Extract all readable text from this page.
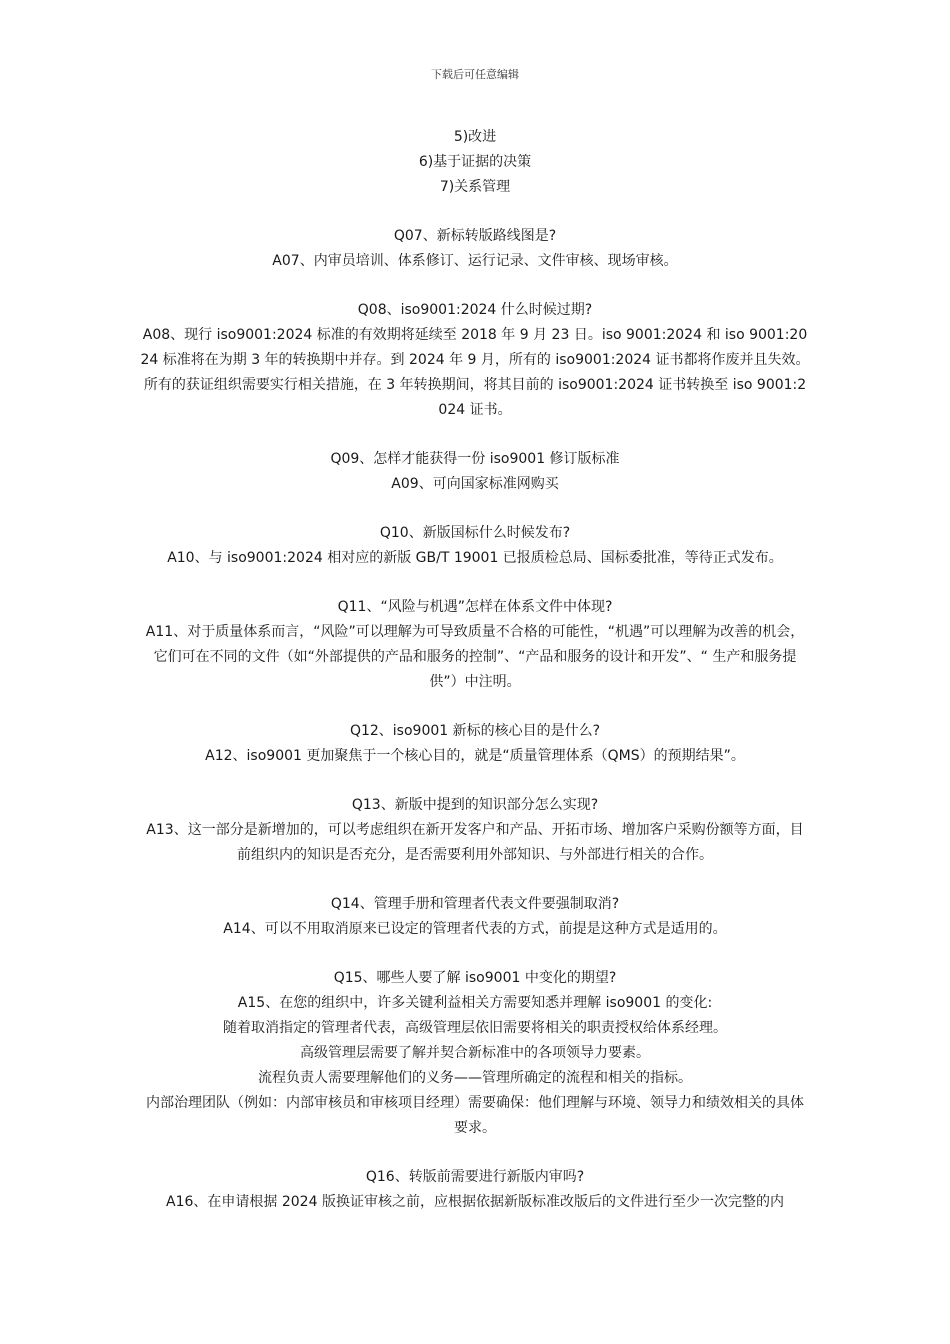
下载后可任意编辑

5)改进

6)基于证据的决策

7)关系管理

Q07、新标转版路线图是?

A07、内审员培训、体系修订、运行记录、文件审核、现场审核。

Q08、iso9001:2024 什么时候过期?

A08、现行 iso9001:2024 标准的有效期将延续至 2018 年 9 月 23 日。iso 9001:2024 和 iso 9001:2024 标准将在为期 3 年的转换期中并存。到 2024 年 9 月，所有的 iso9001:2024 证书都将作废并且失效。所有的获证组织需要实行相关措施，在 3 年转换期间，将其目前的 iso9001:2024 证书转换至 iso 9001:2024 证书。

Q09、怎样才能获得一份 iso9001 修订版标准

A09、可向国家标准网购买

Q10、新版国标什么时候发布?

A10、与 iso9001:2024 相对应的新版 GB/T 19001 已报质检总局、国标委批准，等待正式发布。

Q11、“风险与机遇”怎样在体系文件中体现?

A11、对于质量体系而言，“风险”可以理解为可导致质量不合格的可能性，“机遇”可以理解为改善的机会，它们可在不同的文件（如“外部提供的产品和服务的控制”、“产品和服务的设计和开发”、“ 生产和服务提供”）中注明。

Q12、iso9001 新标的核心目的是什么?

A12、iso9001 更加聚焦于一个核心目的，就是“质量管理体系（QMS）的预期结果”。

Q13、新版中提到的知识部分怎么实现?

A13、这一部分是新增加的，可以考虑组织在新开发客户和产品、开拓市场、增加客户采购份额等方面，目前组织内的知识是否充分，是否需要利用外部知识、与外部进行相关的合作。

Q14、管理手册和管理者代表文件要强制取消?

A14、可以不用取消原来已设定的管理者代表的方式，前提是这种方式是适用的。

Q15、哪些人要了解 iso9001 中变化的期望?

A15、在您的组织中，许多关键利益相关方需要知悉并理解 iso9001 的变化:

随着取消指定的管理者代表，高级管理层依旧需要将相关的职责授权给体系经理。

高级管理层需要了解并契合新标准中的各项领导力要素。

流程负责人需要理解他们的义务——管理所确定的流程和相关的指标。

内部治理团队（例如：内部审核员和审核项目经理）需要确保：他们理解与环境、领导力和绩效相关的具体要求。

Q16、转版前需要进行新版内审吗?

A16、在申请根据 2024 版换证审核之前，应根据依据新版标准改版后的文件进行至少一次完整的内
